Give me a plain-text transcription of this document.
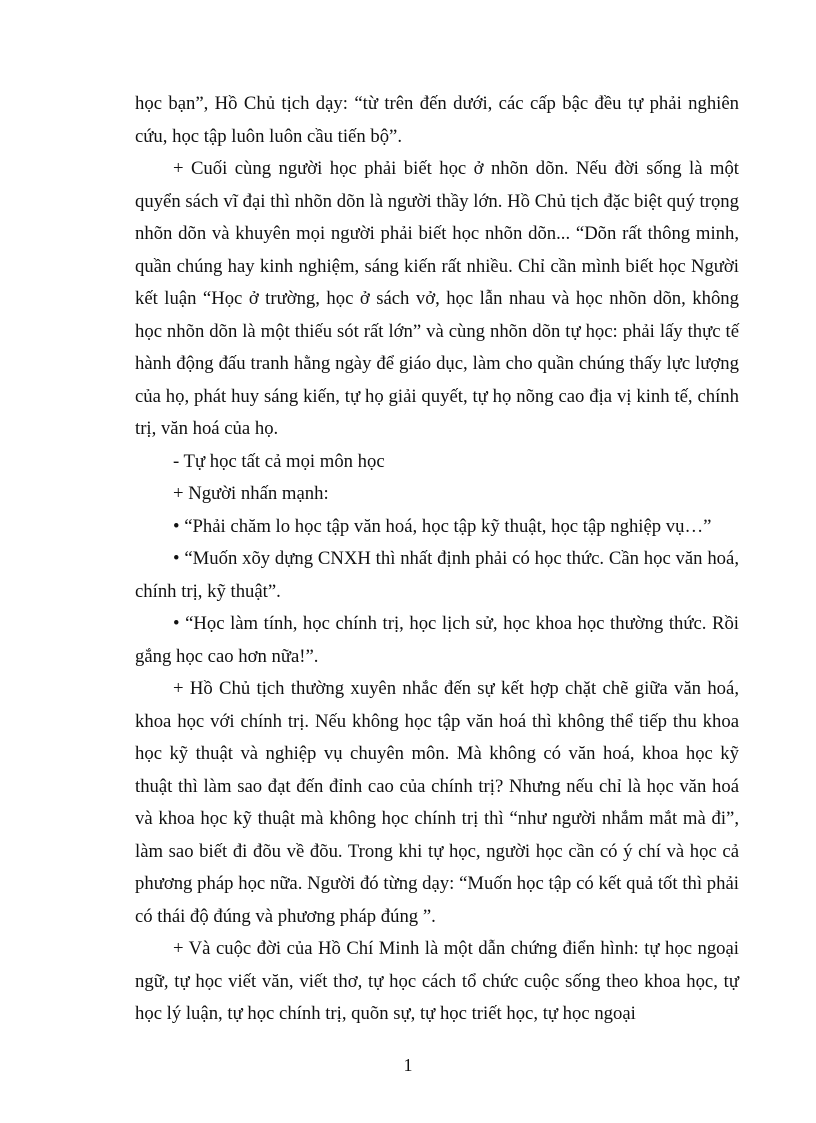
học bạn”, Hồ Chủ tịch dạy: “từ trên đến dưới, các cấp bậc đều tự phải nghiên cứu, học tập luôn luôn cầu tiến bộ”.

+ Cuối cùng người học phải biết học ở nhõn dõn. Nếu đời sống là một quyển sách vĩ đại thì nhõn dõn là người thầy lớn. Hồ Chủ tịch đặc biệt quý trọng nhõn dõn và khuyên mọi người phải biết học nhõn dõn... “Dõn rất thông minh, quần chúng hay kinh nghiệm, sáng kiến rất nhiều. Chỉ cần mình biết học Người kết luận “Học ở trường, học ở sách vở, học lẫn nhau và học nhõn dõn, không học nhõn dõn là một thiếu sót rất lớn” và cùng nhõn dõn tự học: phải lấy thực tế hành động đấu tranh hằng ngày để giáo dục, làm cho quần chúng thấy lực lượng của họ, phát huy sáng kiến, tự họ giải quyết, tự họ nõng cao địa vị kinh tế, chính trị, văn hoá của họ.

- Tự học tất cả mọi môn học

+ Người nhấn mạnh:

• “Phải chăm lo học tập văn hoá, học tập kỹ thuật, học tập nghiệp vụ…”

• “Muốn xõy dựng CNXH thì nhất định phải có học thức. Cần học văn hoá, chính trị, kỹ thuật”.

• “Học làm tính, học chính trị, học lịch sử, học khoa học thường thức. Rồi gắng học cao hơn nữa!”.

+ Hồ Chủ tịch thường xuyên nhắc đến sự kết hợp chặt chẽ giữa văn hoá, khoa học với chính trị. Nếu không học tập văn hoá thì không thể tiếp thu khoa học kỹ thuật và nghiệp vụ chuyên môn. Mà không có văn hoá, khoa học kỹ thuật thì làm sao đạt đến đỉnh cao của chính trị? Nhưng nếu chỉ là học văn hoá và khoa học kỹ thuật mà không học chính trị thì “như người nhắm mắt mà đi”, làm sao biết đi đõu về đõu. Trong khi tự học, người học cần có ý chí và học cả phương pháp học nữa. Người đó từng dạy: “Muốn học tập có kết quả tốt thì phải có thái độ đúng và phương pháp đúng ”.

+ Và cuộc đời của Hồ Chí Minh là một dẫn chứng điển hình: tự học ngoại ngữ, tự học viết văn, viết thơ, tự học cách tổ chức cuộc sống theo khoa học, tự học lý luận, tự học chính trị, quõn sự, tự học triết học, tự học ngoại

1
